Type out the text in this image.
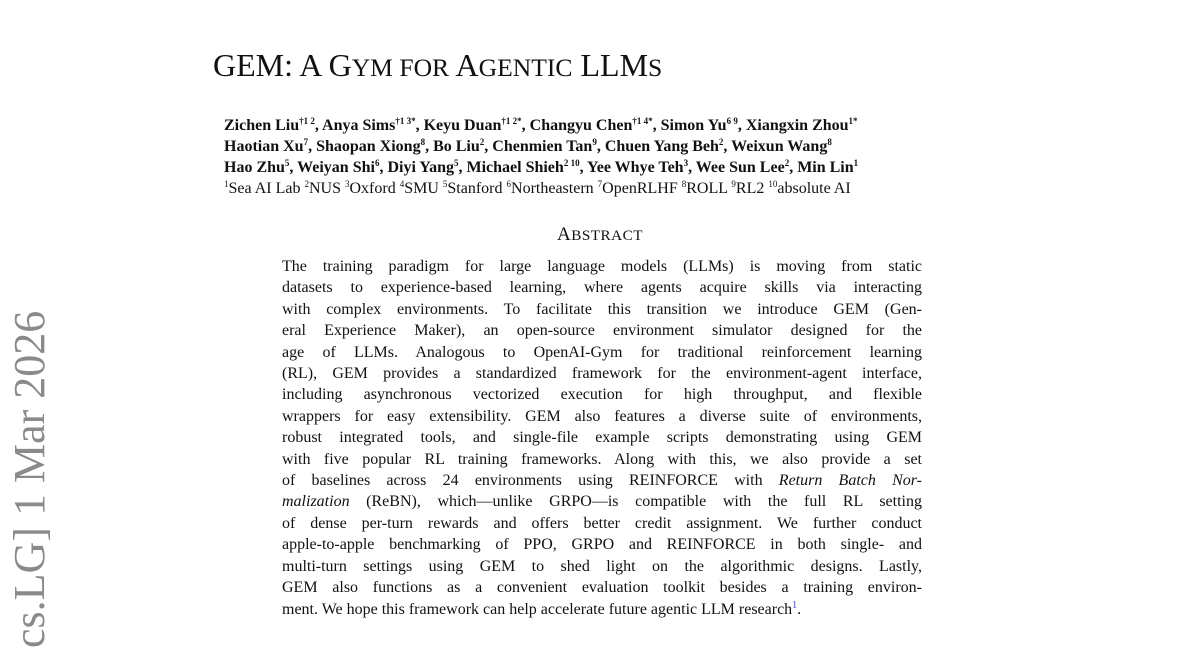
cs.LG] 1 Mar 2026
GEM: A GYM FOR AGENTIC LLMS
Zichen Liu$^{\dagger 1 2}$, Anya Sims$^{\dagger 1 3*}$, Keyu Duan$^{\dagger 1 2*}$, Changyu Chen$^{\dagger 1 4*}$, Simon $Yu^{6 9}$, Xiangxin Zhou$^{1*}$
Haotian Xu$^7$, Shaopan Xiong$^8$, Bo Liu$^2$, Chenmien Tan$^9$, Chuen Yang Beh$^2$, Weixun Wang$^8$
Hao Zhu$^5$, Weiyan Shi$^6$, Diyi Yang$^5$, Michael Shieh$^{2 10}$, Yee Whye Teh$^3$, Wee Sun Lee$^2$, Min Lin$^1$
$^1$Sea AI Lab $^2$NUS $^3$Oxford $^4$SMU $^5$Stanford $^6$Northeastern $^7$OpenRLHF $^8$ROLL $^9$RL2 $^{10}$absolute AI
ABSTRACT
The training paradigm for large language models (LLMs) is moving from static
datasets to experience-based learning, where agents acquire skills via interacting
with complex environments. To facilitate this transition we introduce GEM (Gen-
eral Experience Maker), an open-source environment simulator designed for the
age of LLMs. Analogous to OpenAI-Gym for traditional reinforcement learning
(RL), GEM provides a standardized framework for the environment-agent interface,
including asynchronous vectorized execution for high throughput, and flexible
wrappers for easy extensibility. GEM also features a diverse suite of environments,
robust integrated tools, and single-file example scripts demonstrating using GEM
with five popular RL training frameworks. Along with this, we also provide a set
of baselines across 24 environments using REINFORCE with Return Batch Nor-
malization (ReBN), which—unlike GRPO—is compatible with the full RL setting
of dense per-turn rewards and offers better credit assignment. We further conduct
apple-to-apple benchmarking of PPO, GRPO and REINFORCE in both single- and
multi-turn settings using GEM to shed light on the algorithmic designs. Lastly,
GEM also functions as a convenient evaluation toolkit besides a training environ-
ment. We hope this framework can help accelerate future agentic LLM research$^1$.
